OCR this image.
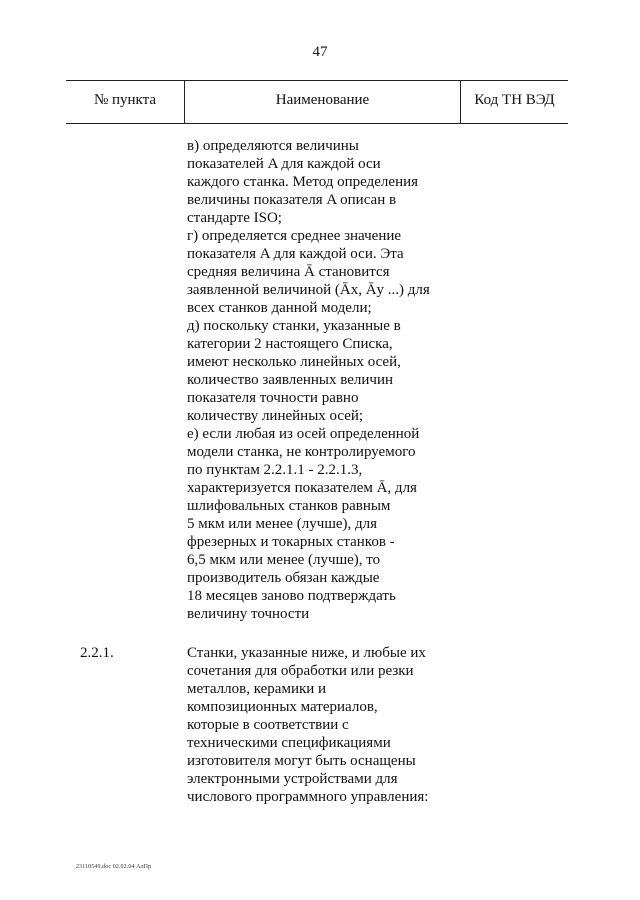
47
№ пункта	Наименование	Код ТН ВЭД
в) определяются величины
показателей A для каждой оси
каждого станка. Метод определения
величины показателя A описан в
стандарте ISO;
г) определяется среднее значение
показателя A для каждой оси. Эта
средняя величина Ā становится
заявленной величиной (Āx, Āy ...) для
всех станков данной модели;
д) поскольку станки, указанные в
категории 2 настоящего Списка,
имеют несколько линейных осей,
количество заявленных величин
показателя точности равно
количеству линейных осей;
е) если любая из осей определенной
модели станка, не контролируемого
по пунктам 2.2.1.1 - 2.2.1.3,
характеризуется показателем Ā, для
шлифовальных станков равным
5 мкм или менее (лучше), для
фрезерных и токарных станков -
6,5 мкм или менее (лучше), то
производитель обязан каждые
18 месяцев заново подтверждать
величину точности
2.2.1.	Станки, указанные ниже, и любые их
сочетания для обработки или резки
металлов, керамики и
композиционных материалов,
которые в соответствии с
техническими спецификациями
изготовителя могут быть оснащены
электронными устройствами для
числового программного управления:
23110549.doc 02.02.04 АлПр
